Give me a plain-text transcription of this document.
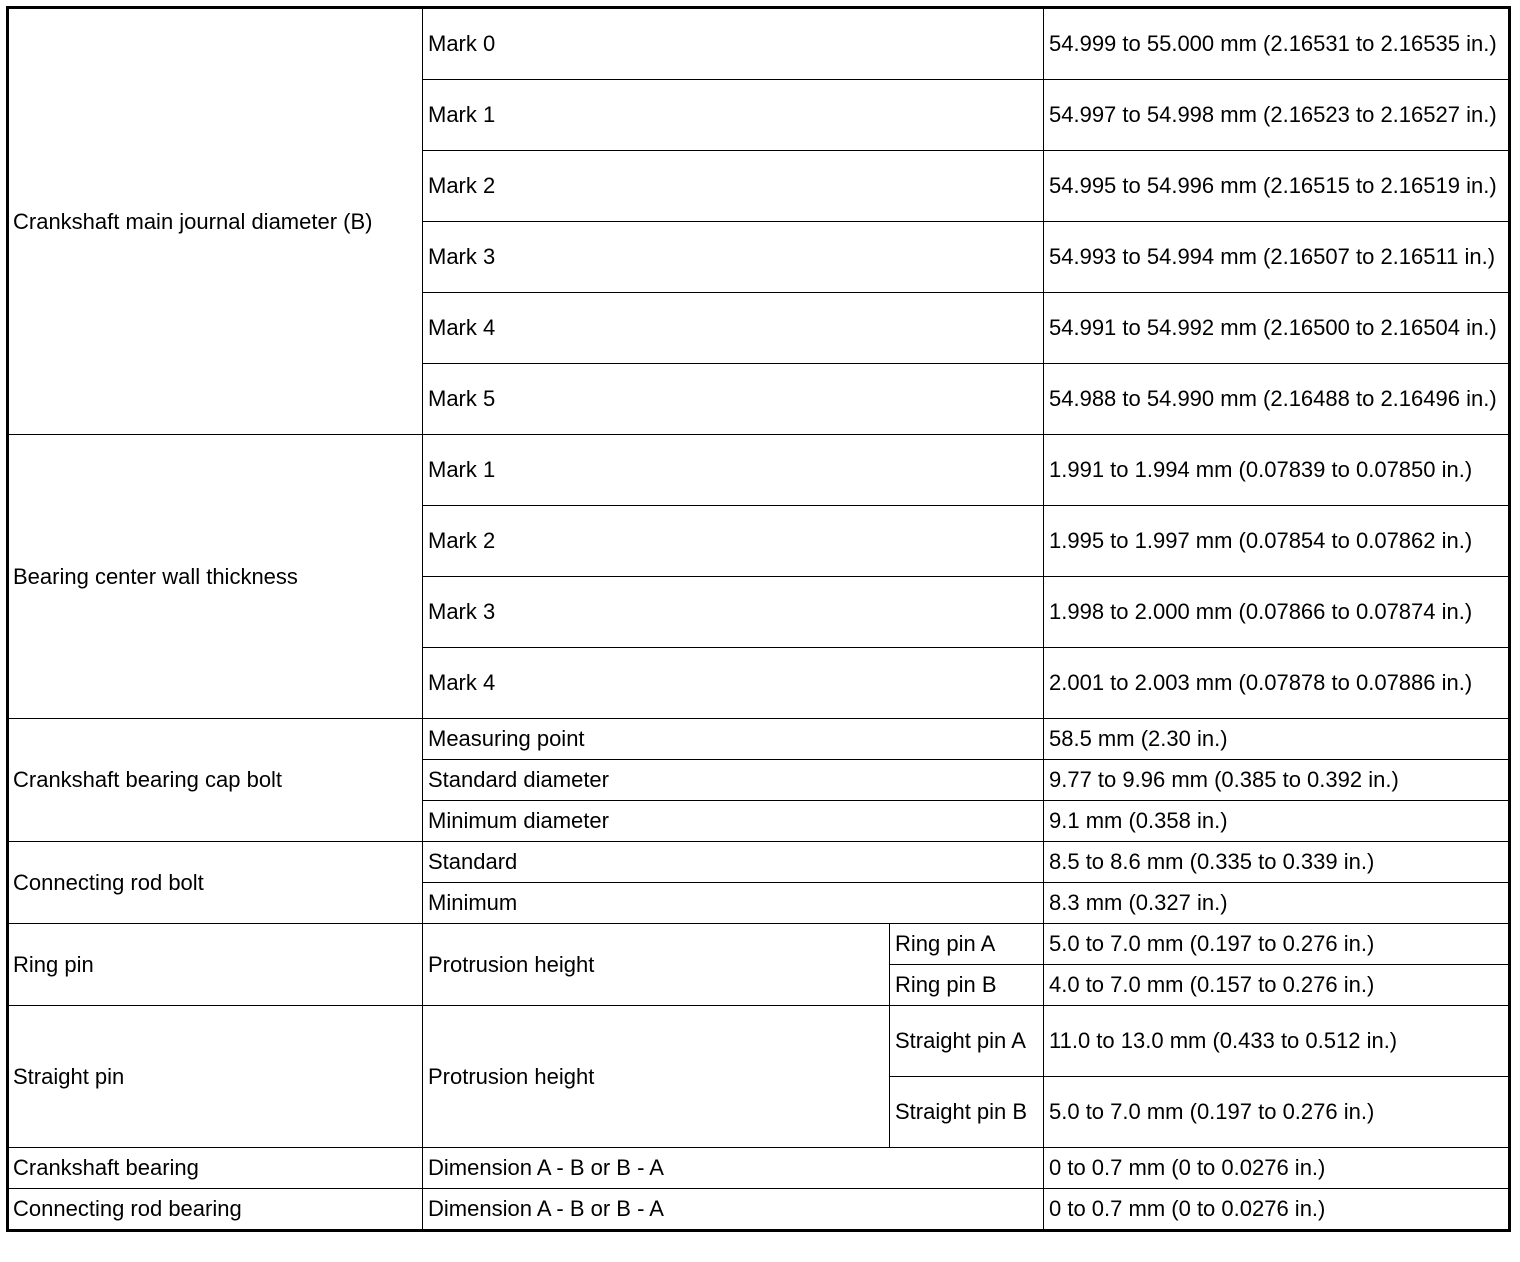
Crankshaft main journal diameter (B)	Mark 0		54.999 to 55.000 mm (2.16531 to 2.16535 in.)
	Mark 1		54.997 to 54.998 mm (2.16523 to 2.16527 in.)
	Mark 2		54.995 to 54.996 mm (2.16515 to 2.16519 in.)
	Mark 3		54.993 to 54.994 mm (2.16507 to 2.16511 in.)
	Mark 4		54.991 to 54.992 mm (2.16500 to 2.16504 in.)
	Mark 5		54.988 to 54.990 mm (2.16488 to 2.16496 in.)
Bearing center wall thickness	Mark 1		1.991 to 1.994 mm (0.07839 to 0.07850 in.)
	Mark 2		1.995 to 1.997 mm (0.07854 to 0.07862 in.)
	Mark 3		1.998 to 2.000 mm (0.07866 to 0.07874 in.)
	Mark 4		2.001 to 2.003 mm (0.07878 to 0.07886 in.)
Crankshaft bearing cap bolt	Measuring point		58.5 mm (2.30 in.)
	Standard diameter		9.77 to 9.96 mm (0.385 to 0.392 in.)
	Minimum diameter		9.1 mm (0.358 in.)
Connecting rod bolt	Standard		8.5 to 8.6 mm (0.335 to 0.339 in.)
	Minimum		8.3 mm (0.327 in.)
Ring pin	Protrusion height	Ring pin A	5.0 to 7.0 mm (0.197 to 0.276 in.)
		Ring pin B	4.0 to 7.0 mm (0.157 to 0.276 in.)
Straight pin	Protrusion height	Straight pin A	11.0 to 13.0 mm (0.433 to 0.512 in.)
		Straight pin B	5.0 to 7.0 mm (0.197 to 0.276 in.)
Crankshaft bearing	Dimension A - B or B - A		0 to 0.7 mm (0 to 0.0276 in.)
Connecting rod bearing	Dimension A - B or B - A		0 to 0.7 mm (0 to 0.0276 in.)
